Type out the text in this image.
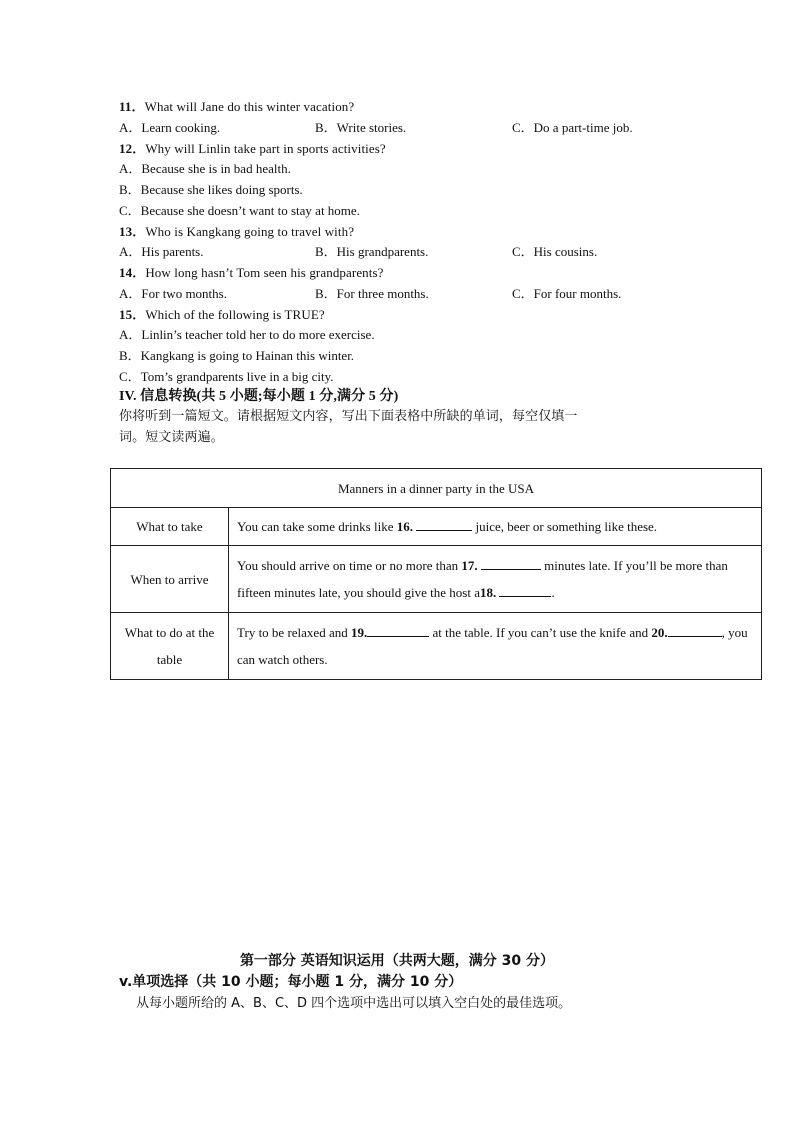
11．What will Jane do this winter vacation?
A．Learn cooking.	B．Write stories.	C．Do a part-time job.
12．Why will Linlin take part in sports activities?
A．Because she is in bad health.
B．Because she likes doing sports.
C．Because she doesn’t want to stay at home.
13．Who is Kangkang going to travel with?
A．His parents.	B．His grandparents.	C．His cousins.
14．How long hasn’t Tom seen his grandparents?
A．For two months.	B．For three months.	C．For four months.
15．Which of the following is TRUE?
A．Linlin’s teacher told her to do more exercise.
B．Kangkang is going to Hainan this winter.
C．Tom’s grandparents live in a big city.
IV. 信息转换(共 5 小题;每小题 1 分,满分 5 分)
你将听到一篇短文。请根据短文内容，写出下面表格中所缺的单词，每空仅填一
词。短文读两遍。
Manners in a dinner party in the USA	
What to take	You can take some drinks like 16. juice, beer or something like these.
When to arrive	You should arrive on time or no more than 17. minutes late. If you’ll be more than fifteen minutes late, you should give the host a18. .
What to do at the table	Try to be relaxed and 19. at the table. If you can’t use the knife and 20. , you can watch others.
第一部分 英语知识运用（共两大题，满分 30 分）
v.单项选择（共 10 小题；每小题 1 分，满分 10 分）
从每小题所给的 A、B、C、D 四个选项中选出可以填入空白处的最佳选项。
